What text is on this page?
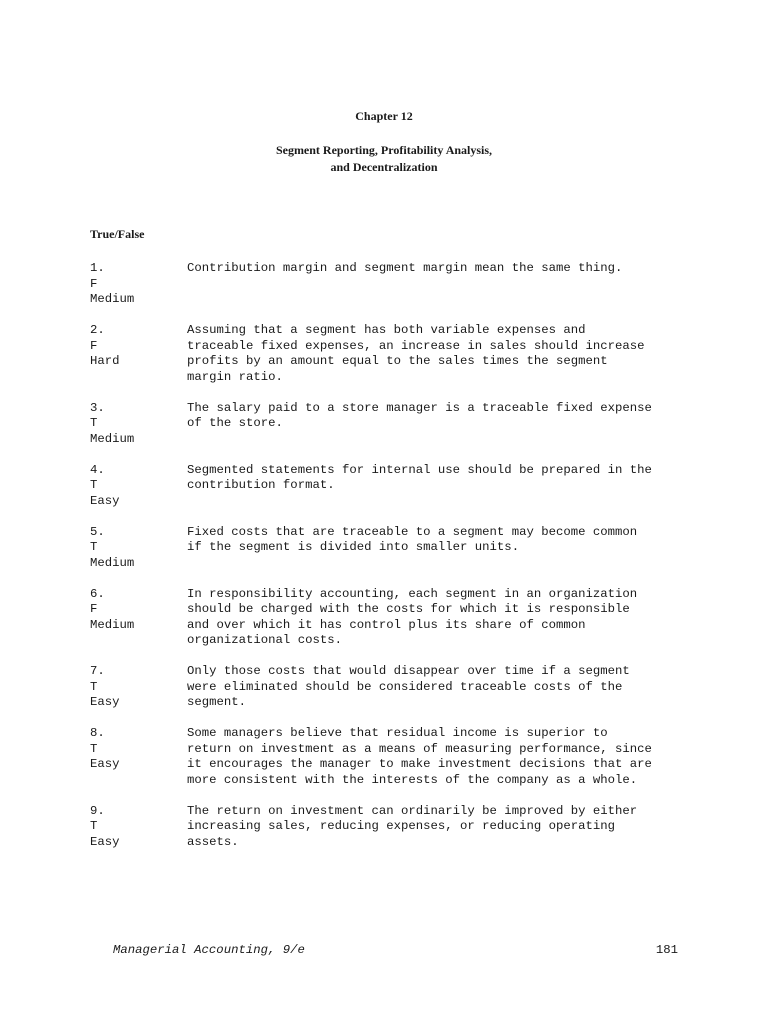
Chapter 12
Segment Reporting, Profitability Analysis,
and Decentralization
True/False
1.
F
Medium
Contribution margin and segment margin mean the same thing.
2.
F
Hard
Assuming that a segment has both variable expenses and
traceable fixed expenses, an increase in sales should increase
profits by an amount equal to the sales times the segment
margin ratio.
3.
T
Medium
The salary paid to a store manager is a traceable fixed expense
of the store.
4.
T
Easy
Segmented statements for internal use should be prepared in the
contribution format.
5.
T
Medium
Fixed costs that are traceable to a segment may become common
if the segment is divided into smaller units.
6.
F
Medium
In responsibility accounting, each segment in an organization
should be charged with the costs for which it is responsible
and over which it has control plus its share of common
organizational costs.
7.
T
Easy
Only those costs that would disappear over time if a segment
were eliminated should be considered traceable costs of the
segment.
8.
T
Easy
Some managers believe that residual income is superior to
return on investment as a means of measuring performance, since
it encourages the manager to make investment decisions that are
more consistent with the interests of the company as a whole.
9.
T
Easy
The return on investment can ordinarily be improved by either
increasing sales, reducing expenses, or reducing operating
assets.
Managerial Accounting, 9/e	181
